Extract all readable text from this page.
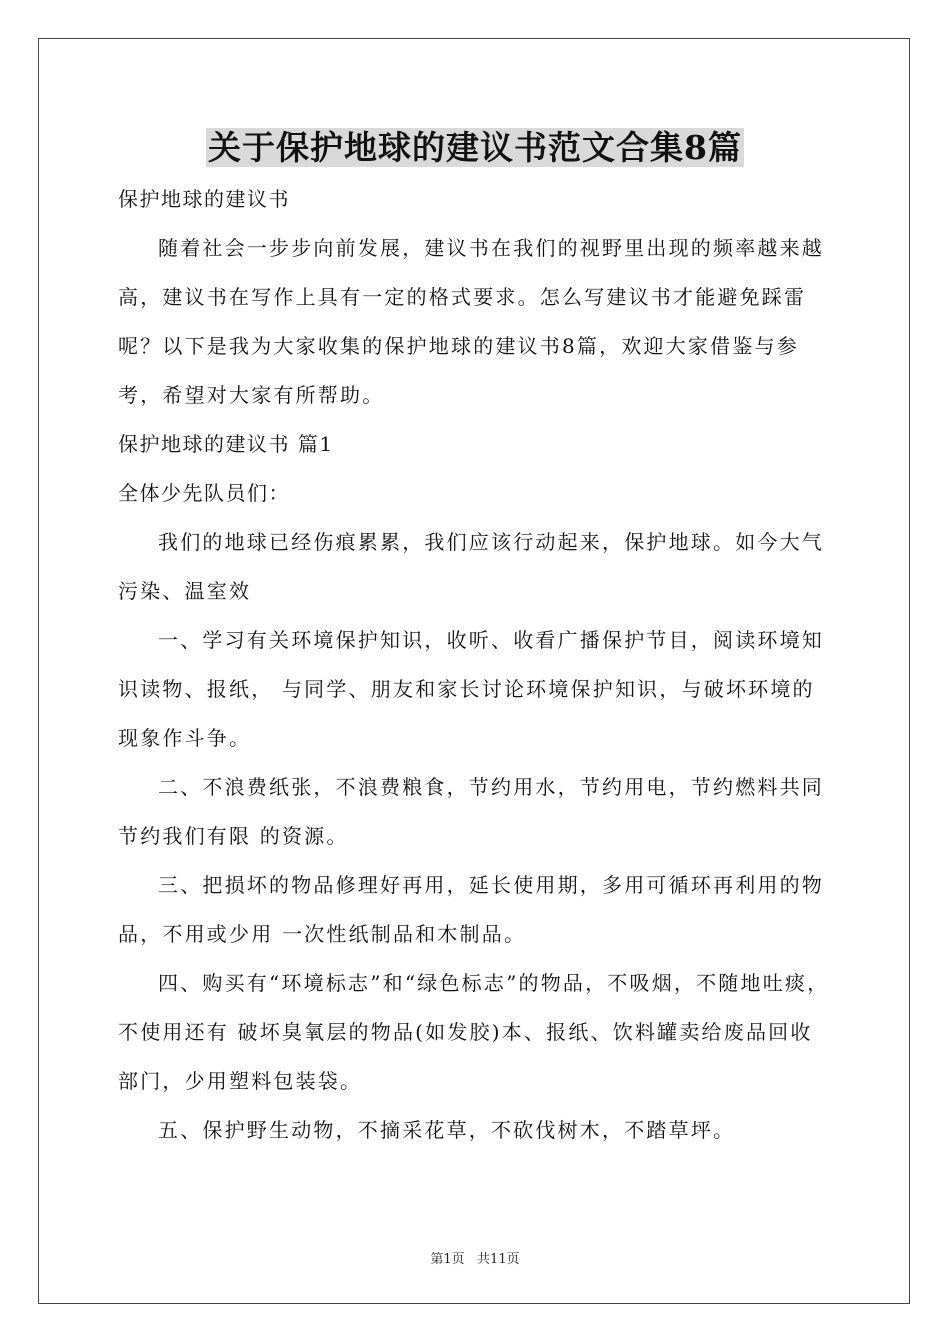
关于保护地球的建议书范文合集8篇

保护地球的建议书

随着社会一步步向前发展，建议书在我们的视野里出现的频率越来越高，建议书在写作上具有一定的格式要求。怎么写建议书才能避免踩雷呢？以下是我为大家收集的保护地球的建议书8篇，欢迎大家借鉴与参考，希望对大家有所帮助。

保护地球的建议书 篇1

全体少先队员们：

我们的地球已经伤痕累累，我们应该行动起来，保护地球。如今大气污染、温室效

一、学习有关环境保护知识，收听、收看广播保护节目，阅读环境知识读物、报纸， 与同学、朋友和家长讨论环境保护知识，与破坏环境的现象作斗争。

二、不浪费纸张，不浪费粮食，节约用水，节约用电，节约燃料共同节约我们有限 的资源。

三、把损坏的物品修理好再用，延长使用期，多用可循环再利用的物品，不用或少用 一次性纸制品和木制品。

四、购买有“环境标志”和“绿色标志”的物品，不吸烟，不随地吐痰，不使用还有 破坏臭氧层的物品(如发胶)本、报纸、饮料罐卖给废品回收部门，少用塑料包装袋。

五、保护野生动物，不摘采花草，不砍伐树木，不踏草坪。

第1页   共11页
